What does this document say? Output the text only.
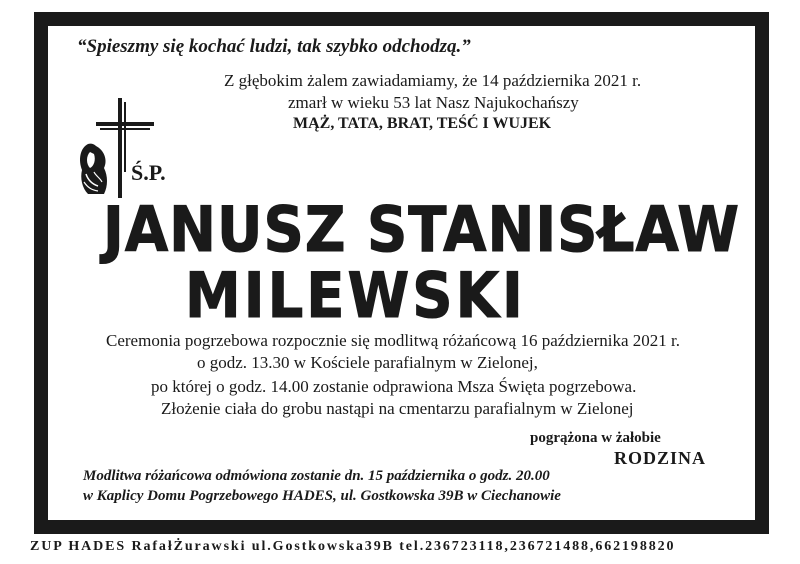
“Spieszmy się kochać ludzi, tak szybko odchodzą.”
Z głębokim żalem zawiadamiamy, że 14 października 2021 r.
zmarł w wieku 53 lat Nasz Najukochańszy
MĄŻ, TATA, BRAT, TEŚĆ I WUJEK
Ś.P.
JANUSZ STANISŁAW
MILEWSKI
Ceremonia pogrzebowa rozpocznie się modlitwą różańcową 16 października 2021 r.
o godz. 13.30 w Kościele parafialnym w Zielonej,
po której o godz. 14.00 zostanie odprawiona Msza Święta pogrzebowa.
Złożenie ciała do grobu nastąpi na cmentarzu parafialnym w Zielonej
pogrążona w żałobie
RODZINA
Modlitwa różańcowa odmówiona zostanie dn. 15 października o godz. 20.00
w Kaplicy Domu Pogrzebowego HADES, ul. Gostkowska 39B w Ciechanowie
ZUP HADES RafałŻurawski ul.Gostkowska39B tel.236723118,236721488,662198820
